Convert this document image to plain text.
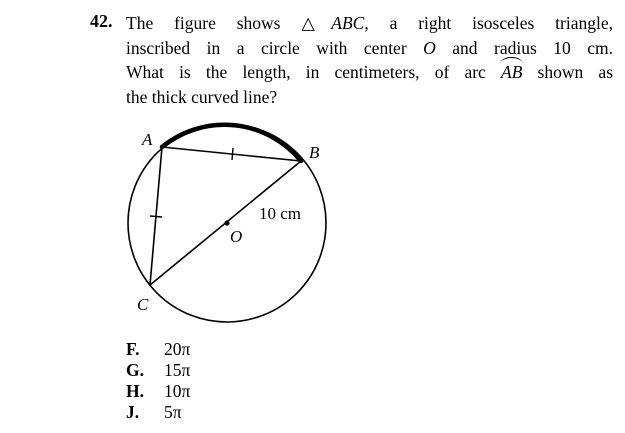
42. The figure shows △ABC, a right isosceles triangle,
inscribed in a circle with center O and radius 10 cm.
What is the length, in centimeters, of arc AB shown as
the thick curved line?
A
B
C
O
10 cm
F. 20π
G. 15π
H. 10π
J. 5π
